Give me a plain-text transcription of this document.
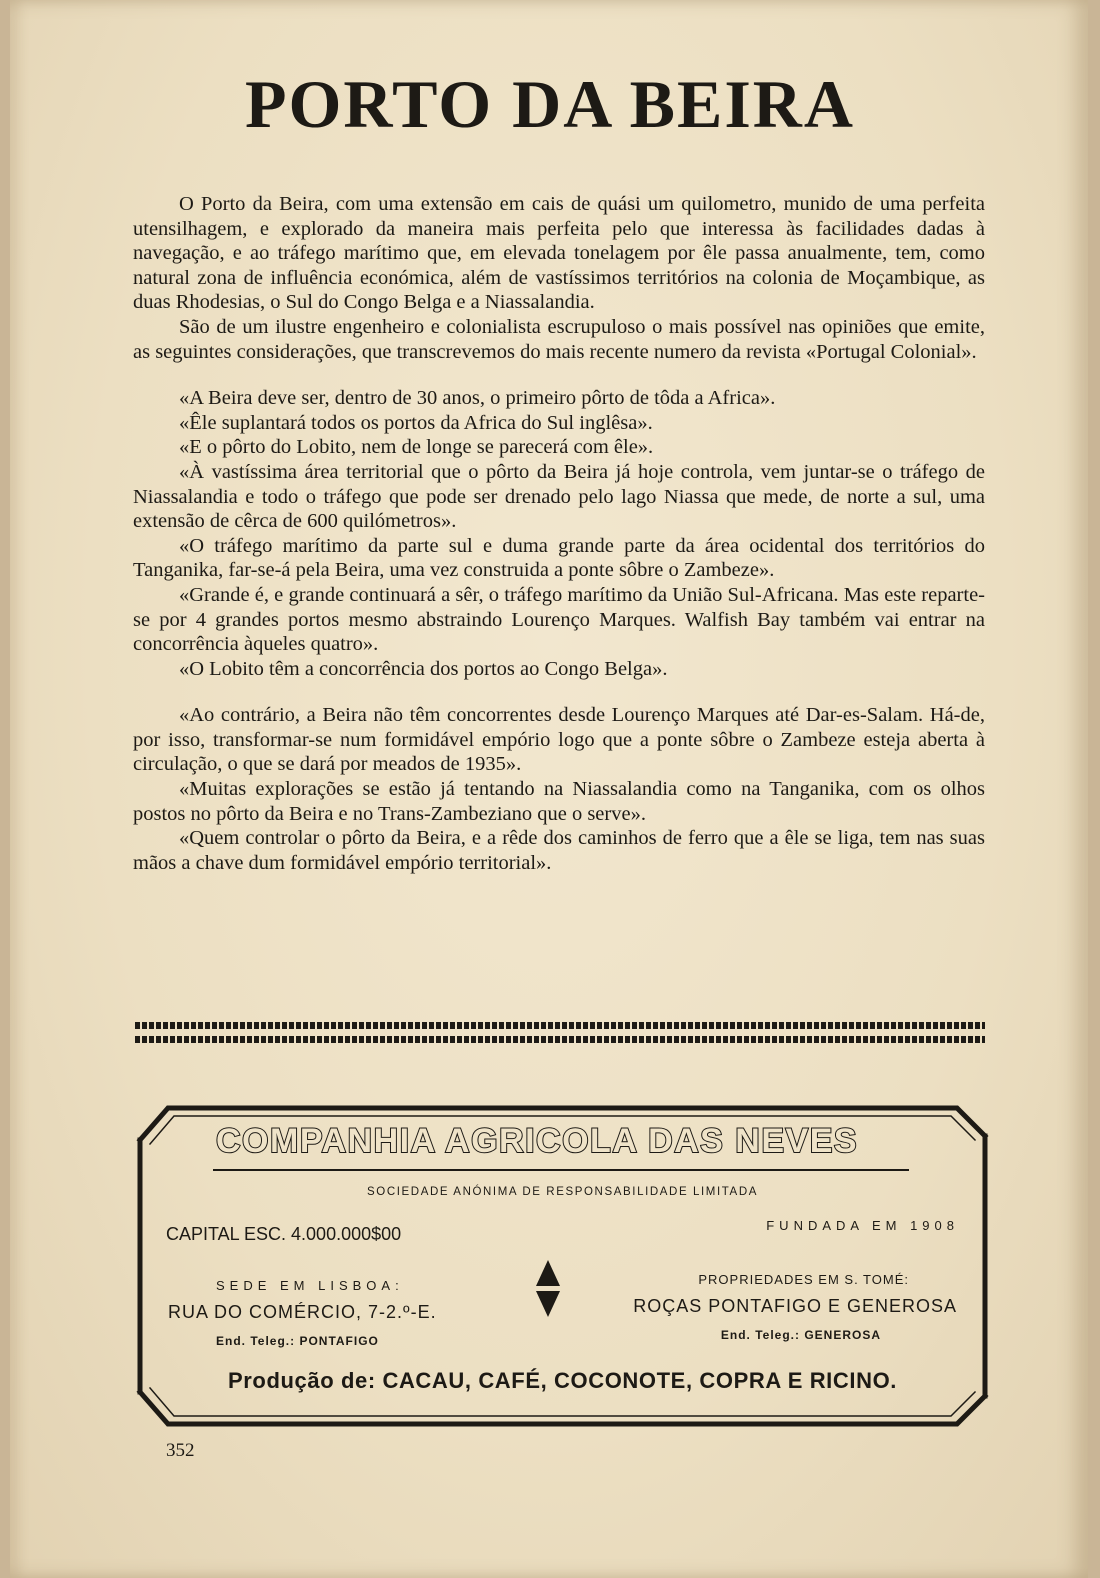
PORTO DA BEIRA

O Porto da Beira, com uma extensão em cais de quási um quilometro, munido de uma perfeita utensilhagem, e explorado da maneira mais perfeita pelo que interessa às facilidades dadas à navegação, e ao tráfego marítimo que, em elevada tonelagem por êle passa anualmente, tem, como natural zona de influência económica, além de vastíssimos territórios na colonia de Moçambique, as duas Rhodesias, o Sul do Congo Belga e a Niassalandia.

São de um ilustre engenheiro e colonialista escrupuloso o mais possível nas opiniões que emite, as seguintes considerações, que transcrevemos do mais recente numero da revista «Portugal Colonial».

«A Beira deve ser, dentro de 30 anos, o primeiro pôrto de tôda a Africa».

«Êle suplantará todos os portos da Africa do Sul inglêsa».

«E o pôrto do Lobito, nem de longe se parecerá com êle».

«À vastíssima área territorial que o pôrto da Beira já hoje controla, vem juntar-se o tráfego de Niassalandia e todo o tráfego que pode ser drenado pelo lago Niassa que mede, de norte a sul, uma extensão de cêrca de 600 quilómetros».

«O tráfego marítimo da parte sul e duma grande parte da área ocidental dos territórios do Tanganika, far-se-á pela Beira, uma vez construida a ponte sôbre o Zambeze».

«Grande é, e grande continuará a sêr, o tráfego marítimo da União Sul-Africana. Mas este reparte-se por 4 grandes portos mesmo abstraindo Lourenço Marques. Walfish Bay também vai entrar na concorrência àqueles quatro».

«O Lobito têm a concorrência dos portos ao Congo Belga».

«Ao contrário, a Beira não têm concorrentes desde Lourenço Marques até Dar-es-Salam. Há-de, por isso, transformar-se num formidável empório logo que a ponte sôbre o Zambeze esteja aberta à circulação, o que se dará por meados de 1935».

«Muitas explorações se estão já tentando na Niassalandia como na Tanganika, com os olhos postos no pôrto da Beira e no Trans-Zambeziano que o serve».

«Quem controlar o pôrto da Beira, e a rêde dos caminhos de ferro que a êle se liga, tem nas suas mãos a chave dum formidável empório territorial».

COMPANHIA AGRICOLA DAS NEVES
SOCIEDADE ANÓNIMA DE RESPONSABILIDADE LIMITADA
CAPITAL ESC. 4.000.000$00	FUNDADA EM 1908
SEDE EM LISBOA:
RUA DO COMÉRCIO, 7-2.º-E.
End. Teleg.: PONTAFIGO
PROPRIEDADES EM S. TOMÉ:
ROÇAS PONTAFIGO E GENEROSA
End. Teleg.: GENEROSA
Produção de: CACAU, CAFÉ, COCONOTE, COPRA E RICINO.
352
